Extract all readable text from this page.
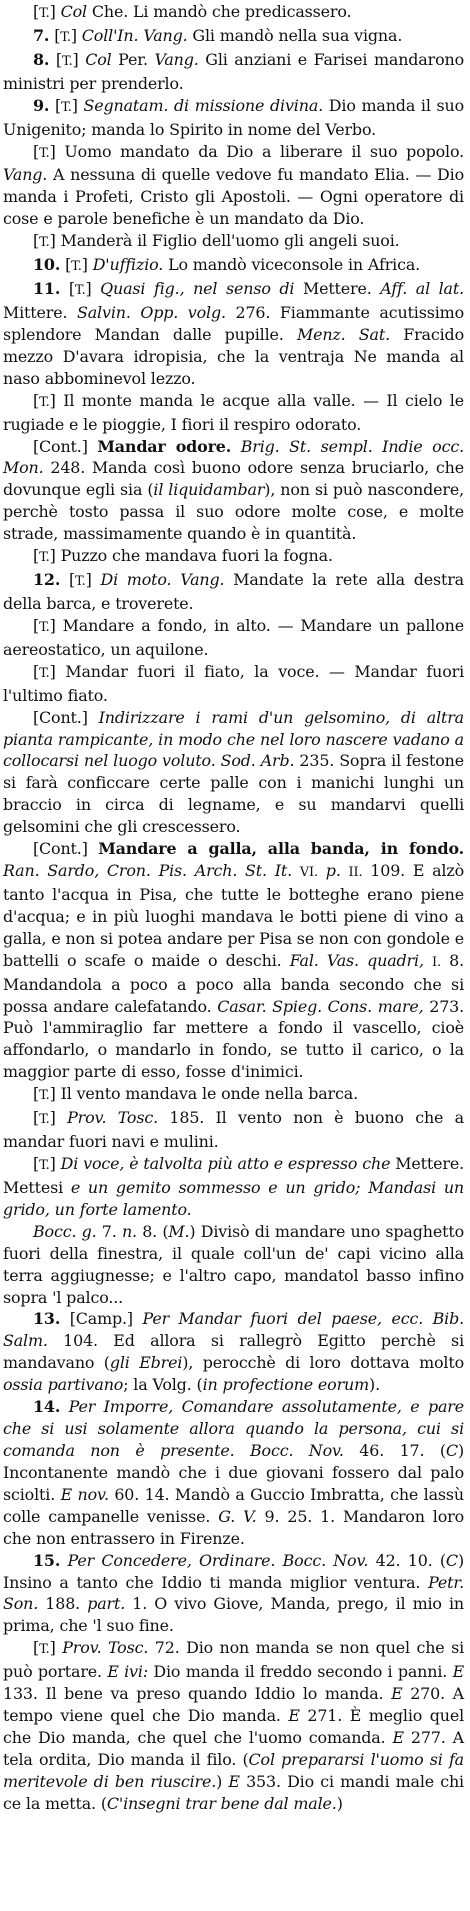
[T.] Col Che. Li mandò che predicassero.

7. [T.] Coll'In. Vang. Gli mandò nella sua vigna.

8. [T.] Col Per. Vang. Gli anziani e Farisei mandarono ministri per prenderlo.

9. [T.] Segnatam. di missione divina. Dio manda il suo Unigenito; manda lo Spirito in nome del Verbo.

[T.] Uomo mandato da Dio a liberare il suo popolo. Vang. A nessuna di quelle vedove fu mandato Elia. — Dio manda i Profeti, Cristo gli Apostoli. — Ogni operatore di cose e parole benefiche è un mandato da Dio.

[T.] Manderà il Figlio dell'uomo gli angeli suoi.

10. [T.] D'uffizio. Lo mandò viceconsole in Africa.

11. [T.] Quasi fig., nel senso di Mettere. Aff. al lat. Mittere. Salvin. Opp. volg. 276. Fiammante acutissimo splendore Mandan dalle pupille. Menz. Sat. Fracido mezzo D'avara idropisia, che la ventraja Ne manda al naso abbominevol lezzo.

[T.] Il monte manda le acque alla valle. — Il cielo le rugiade e le pioggie, I fiori il respiro odorato.

[Cont.] Mandar odore. Brig. St. sempl. Indie occ. Mon. 248. Manda così buono odore senza bruciarlo, che dovunque egli sia (il liquidambar), non si può nascondere, perchè tosto passa il suo odore molte cose, e molte strade, massimamente quando è in quantità.

[T.] Puzzo che mandava fuori la fogna.

12. [T.] Di moto. Vang. Mandate la rete alla destra della barca, e troverete.

[T.] Mandare a fondo, in alto. — Mandare un pallone aereostatico, un aquilone.

[T.] Mandar fuori il fiato, la voce. — Mandar fuori l'ultimo fiato.

[Cont.] Indirizzare i rami d'un gelsomino, di altra pianta rampicante, in modo che nel loro nascere vadano a collocarsi nel luogo voluto. Sod. Arb. 235. Sopra il festone si farà conficcare certe palle con i manichi lunghi un braccio in circa di legname, e su mandarvi quelli gelsomini che gli crescessero.

[Cont.] Mandare a galla, alla banda, in fondo. Ran. Sardo, Cron. Pis. Arch. St. It. VI. p. II. 109. E alzò tanto l'acqua in Pisa, che tutte le botteghe erano piene d'acqua; e in più luoghi mandava le botti piene di vino a galla, e non si potea andare per Pisa se non con gondole e battelli o scafe o maide o deschi. Fal. Vas. quadri, I. 8. Mandandola a poco a poco alla banda secondo che si possa andare calefatando. Casar. Spieg. Cons. mare, 273. Può l'ammiraglio far mettere a fondo il vascello, cioè affondarlo, o mandarlo in fondo, se tutto il carico, o la maggior parte di esso, fosse d'inimici.

[T.] Il vento mandava le onde nella barca.

[T.] Prov. Tosc. 185. Il vento non è buono che a mandar fuori navi e mulini.

[T.] Di voce, è talvolta più atto e espresso che Mettere. Mettesi e un gemito sommesso e un grido; Mandasi un grido, un forte lamento.

Bocc. g. 7. n. 8. (M.) Divisò di mandare uno spaghetto fuori della finestra, il quale coll'un de' capi vicino alla terra aggiugnesse; e l'altro capo, mandatol basso infino sopra 'l palco...

13. [Camp.] Per Mandar fuori del paese, ecc. Bib. Salm. 104. Ed allora si rallegrò Egitto perchè si mandavano (gli Ebrei), perocchè di loro dottava molto ossia partivano; la Volg. (in profectione eorum).

14. Per Imporre, Comandare assolutamente, e pare che si usi solamente allora quando la persona, cui si comanda non è presente. Bocc. Nov. 46. 17. (C) Incontanente mandò che i due giovani fossero dal palo sciolti. E nov. 60. 14. Mandò a Guccio Imbratta, che lassù colle campanelle venisse. G. V. 9. 25. 1. Mandaron loro che non entrassero in Firenze.

15. Per Concedere, Ordinare. Bocc. Nov. 42. 10. (C) Insino a tanto che Iddio ti manda miglior ventura. Petr. Son. 188. part. 1. O vivo Giove, Manda, prego, il mio in prima, che 'l suo fine.

[T.] Prov. Tosc. 72. Dio non manda se non quel che si può portare. E ivi: Dio manda il freddo secondo i panni. E 133. Il bene va preso quando Iddio lo manda. E 270. A tempo viene quel che Dio manda. E 271. È meglio quel che Dio manda, che quel che l'uomo comanda. E 277. A tela ordita, Dio manda il filo. (Col prepararsi l'uomo si fa meritevole di ben riuscire.) E 353. Dio ci mandi male chi ce la metta. (C'insegni trar bene dal male.)
